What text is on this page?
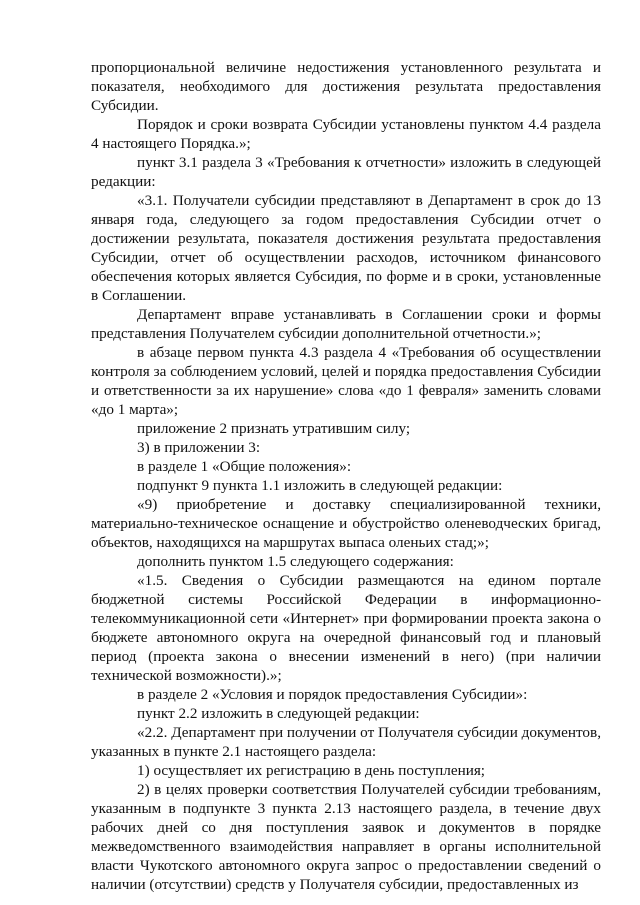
пропорциональной величине недостижения установленного результата и показателя, необходимого для достижения результата предоставления Субсидии.

Порядок и сроки возврата Субсидии установлены пунктом 4.4 раздела 4 настоящего Порядка.»;

пункт 3.1 раздела 3 «Требования к отчетности» изложить в следующей редакции:

«3.1. Получатели субсидии представляют в Департамент в срок до 13 января года, следующего за годом предоставления Субсидии отчет о достижении результата, показателя достижения результата предоставления Субсидии, отчет об осуществлении расходов, источником финансового обеспечения которых является Субсидия, по форме и в сроки, установленные в Соглашении.

Департамент вправе устанавливать в Соглашении сроки и формы представления Получателем субсидии дополнительной отчетности.»;

в абзаце первом пункта 4.3 раздела 4 «Требования об осуществлении контроля за соблюдением условий, целей и порядка предоставления Субсидии и ответственности за их нарушение» слова «до 1 февраля» заменить словами «до 1 марта»;

приложение 2 признать утратившим силу;

3) в приложении 3:

в разделе 1 «Общие положения»:

подпункт 9 пункта 1.1 изложить в следующей редакции:

«9) приобретение и доставку специализированной техники, материально-техническое оснащение и обустройство оленеводческих бригад, объектов, находящихся на маршрутах выпаса оленьих стад;»;

дополнить пунктом 1.5 следующего содержания:

«1.5. Сведения о Субсидии размещаются на едином портале бюджетной системы Российской Федерации в информационно-телекоммуникационной сети «Интернет» при формировании проекта закона о бюджете автономного округа на очередной финансовый год и плановый период (проекта закона о внесении изменений в него) (при наличии технической возможности).»;

в разделе 2 «Условия и порядок предоставления Субсидии»:

пункт 2.2 изложить в следующей редакции:

«2.2. Департамент при получении от Получателя субсидии документов, указанных в пункте 2.1 настоящего раздела:

1) осуществляет их регистрацию в день поступления;

2) в целях проверки соответствия Получателей субсидии требованиям, указанным в подпункте 3 пункта 2.13 настоящего раздела, в течение двух рабочих дней со дня поступления заявок и документов в порядке межведомственного взаимодействия направляет в органы исполнительной власти Чукотского автономного округа запрос о предоставлении сведений о наличии (отсутствии) средств у Получателя субсидии, предоставленных из
